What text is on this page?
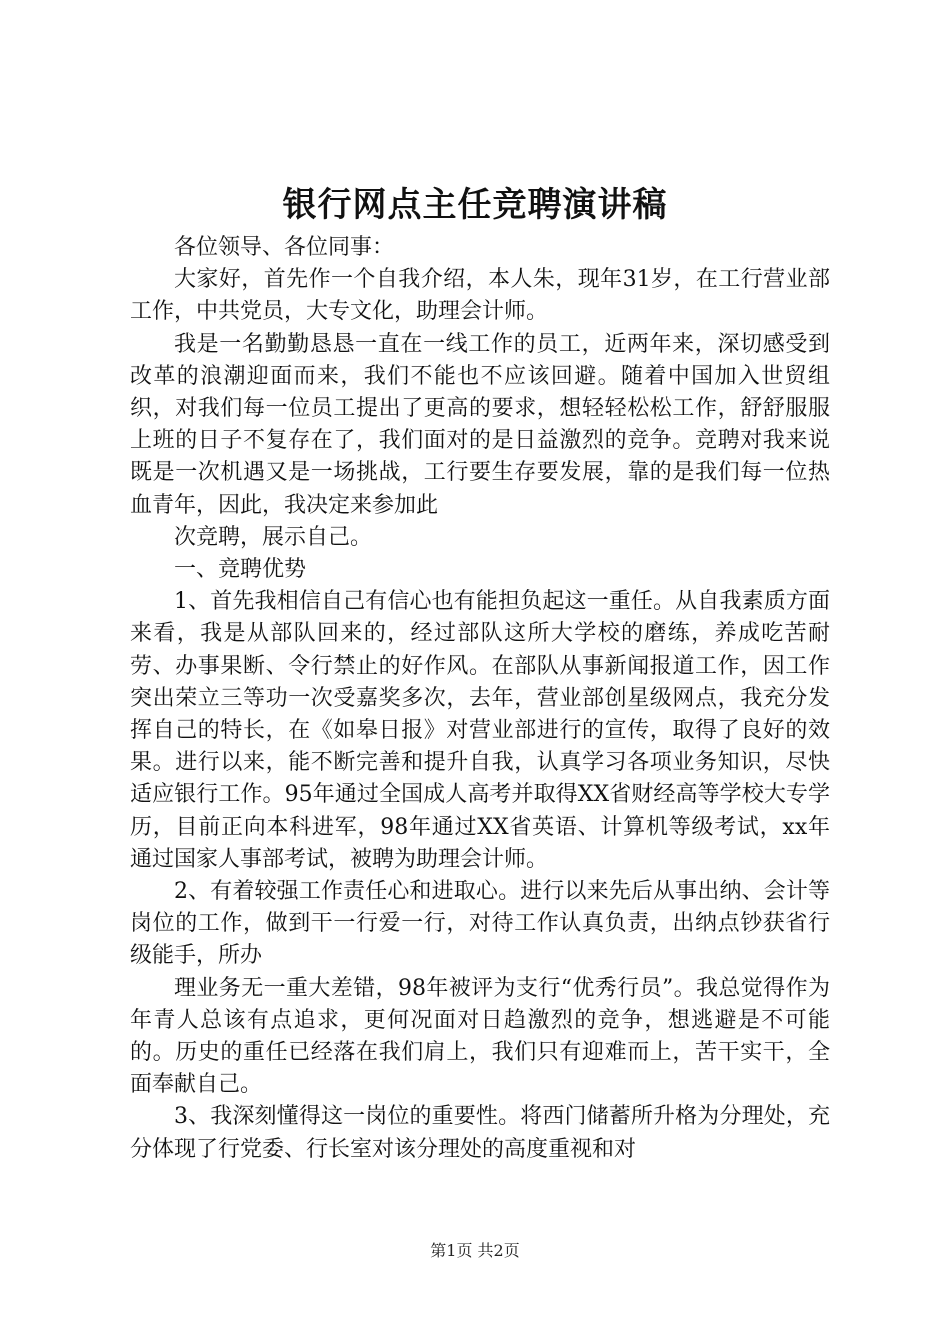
银行网点主任竞聘演讲稿

各位领导、各位同事：

大家好，首先作一个自我介绍，本人朱，现年31岁，在工行营业部工作，中共党员，大专文化，助理会计师。

我是一名勤勤恳恳一直在一线工作的员工，近两年来，深切感受到改革的浪潮迎面而来，我们不能也不应该回避。随着中国加入世贸组织，对我们每一位员工提出了更高的要求，想轻轻松松工作，舒舒服服上班的日子不复存在了，我们面对的是日益激烈的竞争。竞聘对我来说既是一次机遇又是一场挑战，工行要生存要发展，靠的是我们每一位热血青年，因此，我决定来参加此

次竞聘，展示自己。

一、竞聘优势

1、首先我相信自己有信心也有能担负起这一重任。从自我素质方面来看，我是从部队回来的，经过部队这所大学校的磨练，养成吃苦耐劳、办事果断、令行禁止的好作风。在部队从事新闻报道工作，因工作突出荣立三等功一次受嘉奖多次，去年，营业部创星级网点，我充分发挥自己的特长，在《如皋日报》对营业部进行的宣传，取得了良好的效果。进行以来，能不断完善和提升自我，认真学习各项业务知识，尽快适应银行工作。95年通过全国成人高考并取得XX省财经高等学校大专学历，目前正向本科进军，98年通过XX省英语、计算机等级考试，xx年通过国家人事部考试，被聘为助理会计师。

2、有着较强工作责任心和进取心。进行以来先后从事出纳、会计等岗位的工作，做到干一行爱一行，对待工作认真负责，出纳点钞获省行级能手，所办

理业务无一重大差错，98年被评为支行“优秀行员”。我总觉得作为年青人总该有点追求，更何况面对日趋激烈的竞争，想逃避是不可能的。历史的重任已经落在我们肩上，我们只有迎难而上，苦干实干，全面奉献自己。

3、我深刻懂得这一岗位的重要性。将西门储蓄所升格为分理处，充分体现了行党委、行长室对该分理处的高度重视和对

第1页 共2页
